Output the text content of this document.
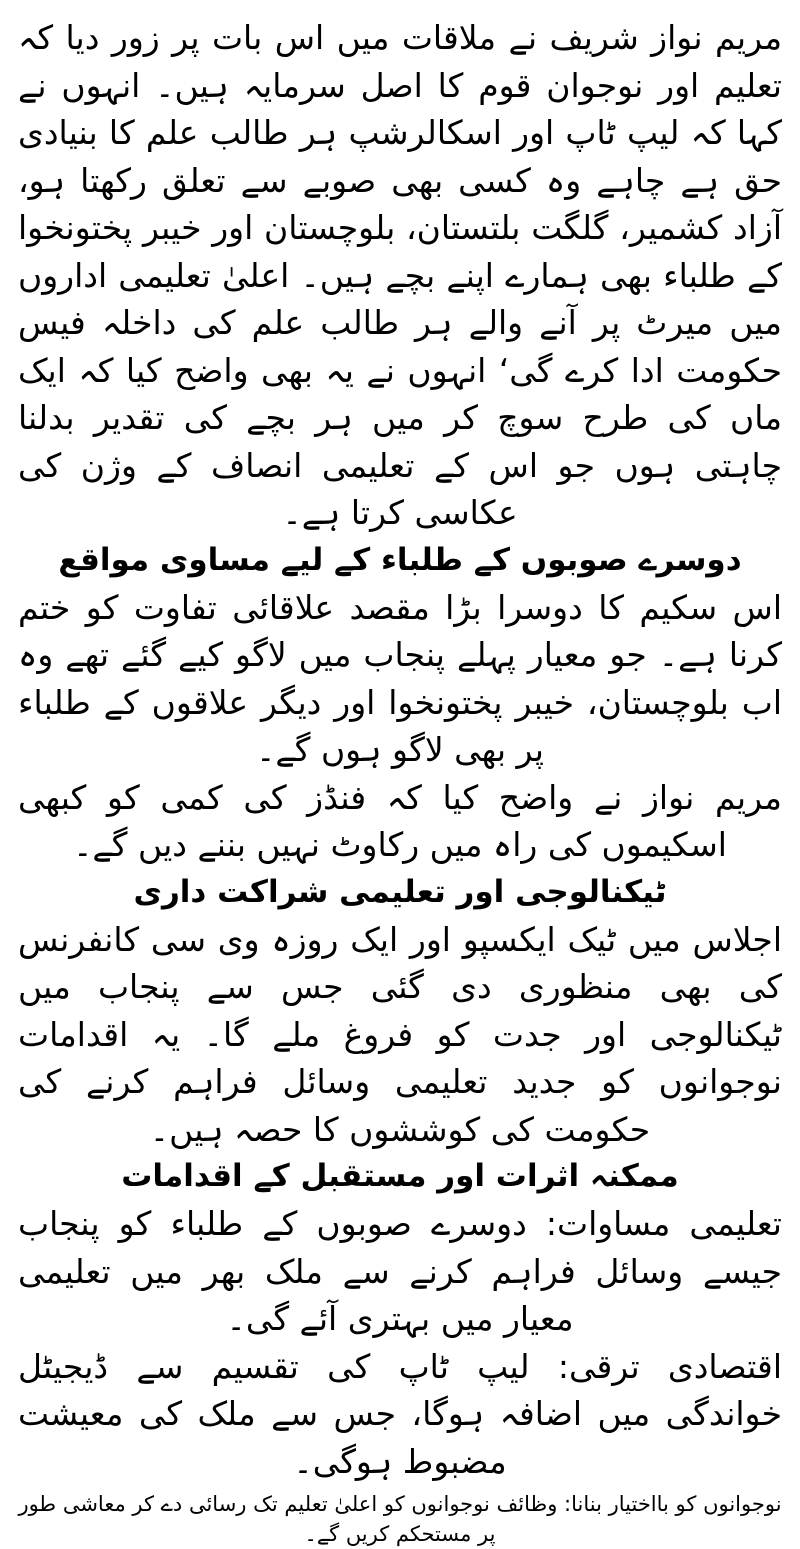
مریم نواز شریف نے ملاقات میں اس بات پر زور دیا کہ تعلیم اور نوجوان قوم کا اصل سرمایہ ہیں۔ انہوں نے کہا کہ لیپ ٹاپ اور اسکالرشپ ہر طالب علم کا بنیادی حق ہے چاہے وہ کسی بھی صوبے سے تعلق رکھتا ہو، آزاد کشمیر، گلگت بلتستان، بلوچستان اور خیبر پختونخوا کے طلباء بھی ہمارے اپنے بچے ہیں۔ اعلیٰ تعلیمی اداروں میں میرٹ پر آنے والے ہر طالب علم کی داخلہ فیس حکومت ادا کرے گی‘ انہوں نے یہ بھی واضح کیا کہ ایک ماں کی طرح سوچ کر میں ہر بچے کی تقدیر بدلنا چاہتی ہوں جو اس کے تعلیمی انصاف کے وژن کی عکاسی کرتا ہے۔

دوسرے صوبوں کے طلباء کے لیے مساوی مواقع

اس سکیم کا دوسرا بڑا مقصد علاقائی تفاوت کو ختم کرنا ہے۔ جو معیار پہلے پنجاب میں لاگو کیے گئے تھے وہ اب بلوچستان، خیبر پختونخوا اور دیگر علاقوں کے طلباء پر بھی لاگو ہوں گے۔

مریم نواز نے واضح کیا کہ فنڈز کی کمی کو کبھی اسکیموں کی راہ میں رکاوٹ نہیں بننے دیں گے۔

ٹیکنالوجی اور تعلیمی شراکت داری

اجلاس میں ٹیک ایکسپو اور ایک روزہ وی سی کانفرنس کی بھی منظوری دی گئی جس سے پنجاب میں ٹیکنالوجی اور جدت کو فروغ ملے گا۔ یہ اقدامات نوجوانوں کو جدید تعلیمی وسائل فراہم کرنے کی حکومت کی کوششوں کا حصہ ہیں۔

ممکنہ اثرات اور مستقبل کے اقدامات

تعلیمی مساوات: دوسرے صوبوں کے طلباء کو پنجاب جیسے وسائل فراہم کرنے سے ملک بھر میں تعلیمی معیار میں بہتری آئے گی۔

اقتصادی ترقی: لیپ ٹاپ کی تقسیم سے ڈیجیٹل خواندگی میں اضافہ ہوگا، جس سے ملک کی معیشت مضبوط ہوگی۔

نوجوانوں کو بااختیار بنانا: وظائف نوجوانوں کو اعلیٰ تعلیم تک رسائی دے کر معاشی طور پر مستحکم کریں گے۔
